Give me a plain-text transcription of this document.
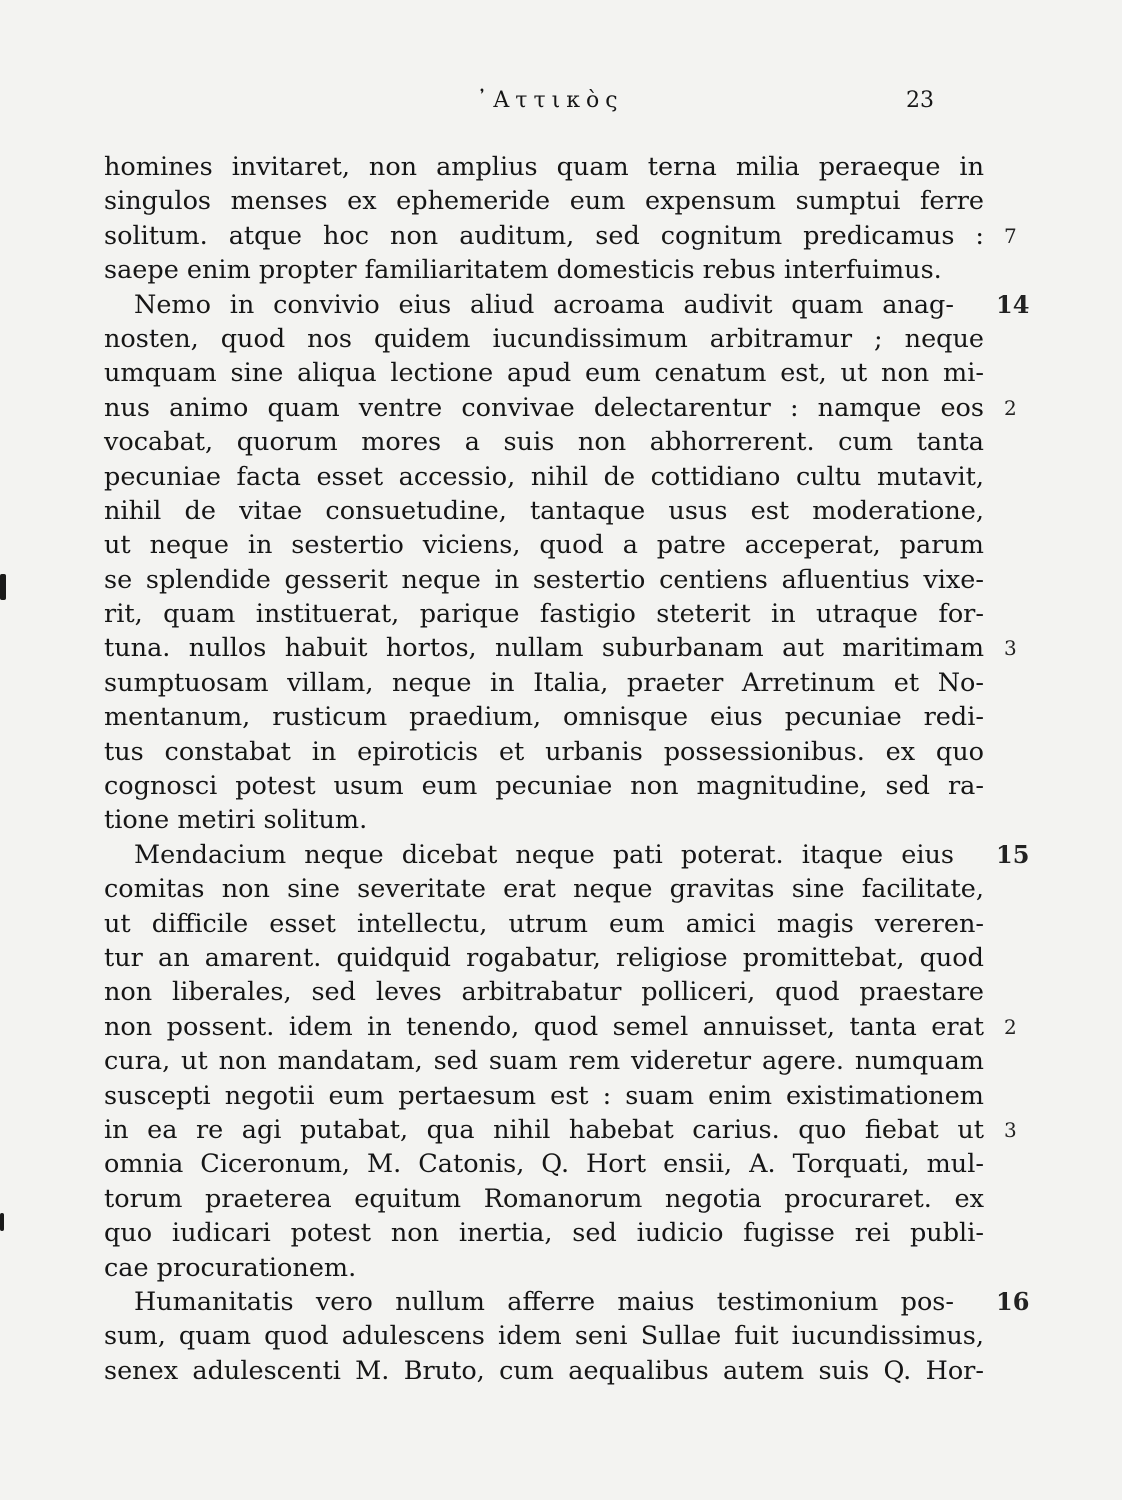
᾿Αττικὸς	23
homines invitaret, non amplius quam terna milia peraeque in
singulos menses ex ephemeride eum expensum sumptui ferre
solitum. atque hoc non auditum, sed cognitum predicamus : 7
saepe enim propter familiaritatem domesticis rebus interfuimus.
Nemo in convivio eius aliud acroama audivit quam anag- 14
nosten, quod nos quidem iucundissimum arbitramur ; neque
umquam sine aliqua lectione apud eum cenatum est, ut non mi-
nus animo quam ventre convivae delectarentur : namque eos 2
vocabat, quorum mores a suis non abhorrerent. cum tanta
pecuniae facta esset accessio, nihil de cottidiano cultu mutavit,
nihil de vitae consuetudine, tantaque usus est moderatione,
ut neque in sestertio viciens, quod a patre acceperat, parum
se splendide gesserit neque in sestertio centiens afluentius vixe-
rit, quam instituerat, parique fastigio steterit in utraque for-
tuna. nullos habuit hortos, nullam suburbanam aut maritimam 3
sumptuosam villam, neque in Italia, praeter Arretinum et No-
mentanum, rusticum praedium, omnisque eius pecuniae redi-
tus constabat in epiroticis et urbanis possessionibus. ex quo
cognosci potest usum eum pecuniae non magnitudine, sed ra-
tione metiri solitum.
Mendacium neque dicebat neque pati poterat. itaque eius 15
comitas non sine severitate erat neque gravitas sine facilitate,
ut difficile esset intellectu, utrum eum amici magis vereren-
tur an amarent. quidquid rogabatur, religiose promittebat, quod
non liberales, sed leves arbitrabatur polliceri, quod praestare
non possent. idem in tenendo, quod semel annuisset, tanta erat 2
cura, ut non mandatam, sed suam rem videretur agere. numquam
suscepti negotii eum pertaesum est : suam enim existimationem
in ea re agi putabat, qua nihil habebat carius. quo fiebat ut 3
omnia Ciceronum, M. Catonis, Q. Hort ensii, A. Torquati, mul-
torum praeterea equitum Romanorum negotia procuraret. ex
quo iudicari potest non inertia, sed iudicio fugisse rei publi-
cae procurationem.
Humanitatis vero nullum afferre maius testimonium pos- 16
sum, quam quod adulescens idem seni Sullae fuit iucundissimus,
senex adulescenti M. Bruto, cum aequalibus autem suis Q. Hor-
